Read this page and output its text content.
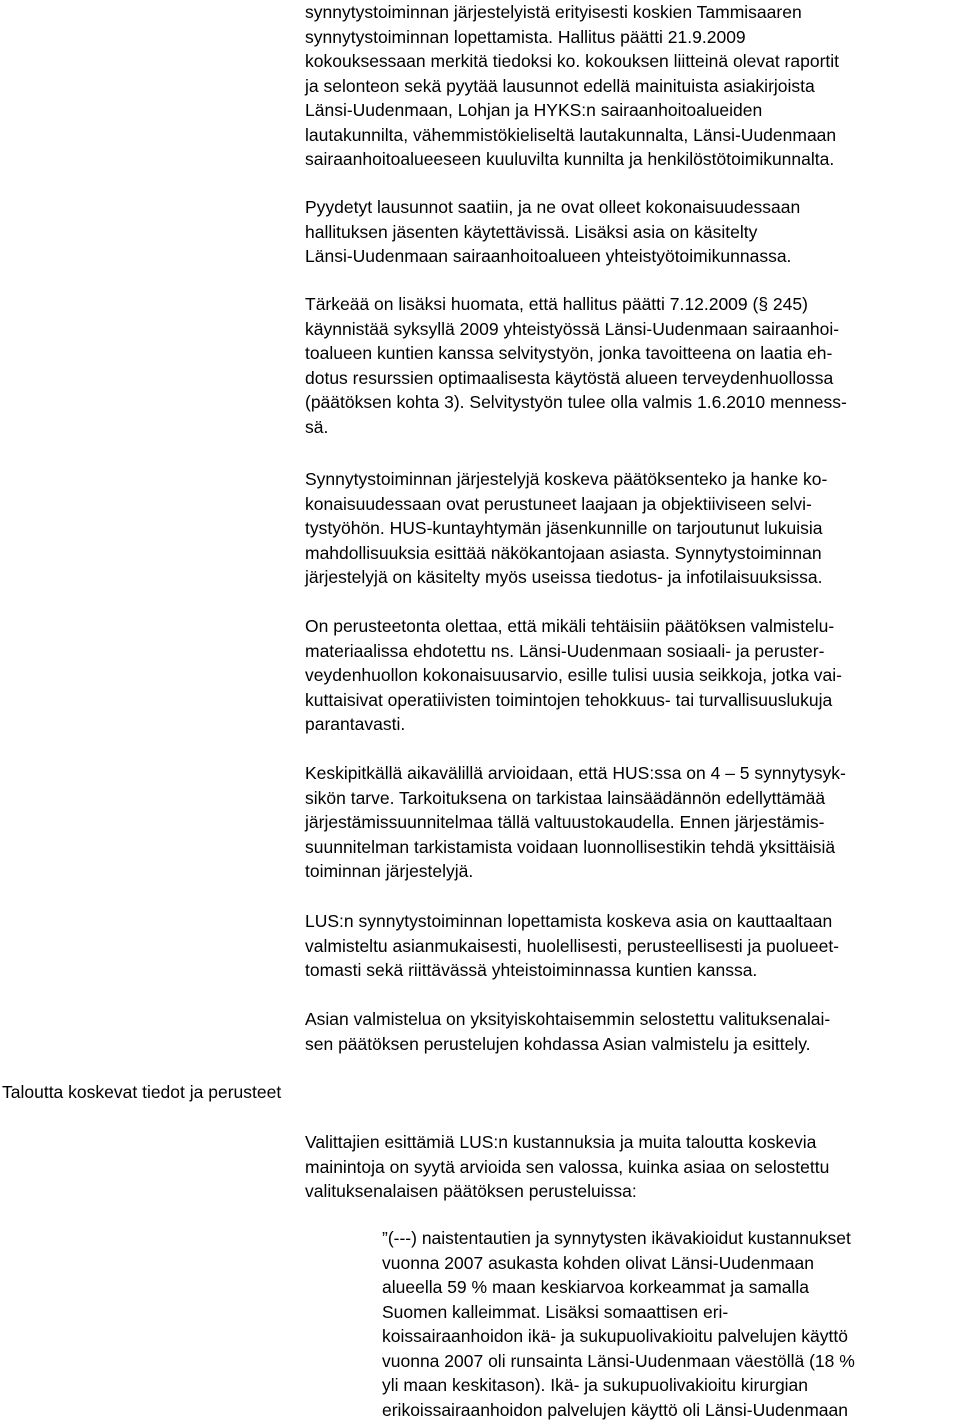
Taloutta koskevat tiedot ja perusteet
synnytystoiminnan järjestelyistä erityisesti koskien Tammisaaren
synnytystoiminnan lopettamista. Hallitus päätti 21.9.2009
kokouksessaan merkitä tiedoksi ko. kokouksen liitteinä olevat raportit
ja selonteon sekä pyytää lausunnot edellä mainituista asiakirjoista
Länsi-Uudenmaan, Lohjan ja HYKS:n sairaanhoitoalueiden
lautakunnilta, vähemmistökieliseltä lautakunnalta, Länsi-Uudenmaan
sairaanhoitoalueeseen kuuluvilta kunnilta ja henkilöstötoimikunnalta.
Pyydetyt lausunnot saatiin, ja ne ovat olleet kokonaisuudessaan
hallituksen jäsenten käytettävissä. Lisäksi asia on käsitelty
Länsi-Uudenmaan sairaanhoitoalueen yhteistyötoimikunnassa.
Tärkeää on lisäksi huomata, että hallitus päätti 7.12.2009 (§ 245)
käynnistää syksyllä 2009 yhteistyössä Länsi-Uudenmaan sairaanhoi-
toalueen kuntien kanssa selvitystyön, jonka tavoitteena on laatia eh-
dotus resurssien optimaalisesta käytöstä alueen terveydenhuollossa
(päätöksen kohta 3). Selvitystyön tulee olla valmis 1.6.2010 menness-
sä.
Synnytystoiminnan järjestelyjä koskeva päätöksenteko ja hanke ko-
konaisuudessaan ovat perustuneet laajaan ja objektiiviseen selvi-
tystyöhön. HUS-kuntayhtymän jäsenkunnille on tarjoutunut lukuisia
mahdollisuuksia esittää näkökantojaan asiasta. Synnytystoiminnan
järjestelyjä on käsitelty myös useissa tiedotus- ja infotilaisuuksissa.
On perusteetonta olettaa, että mikäli tehtäisiin päätöksen valmistelu-
materiaalissa ehdotettu ns. Länsi-Uudenmaan sosiaali- ja peruster-
veydenhuollon kokonaisuusarvio, esille tulisi uusia seikkoja, jotka vai-
kuttaisivat operatiivisten toimintojen tehokkuus- tai turvallisuuslukuja
parantavasti.
Keskipitkällä aikavälillä arvioidaan, että HUS:ssa on 4 – 5 synnytysyk-
sikön tarve. Tarkoituksena on tarkistaa lainsäädännön edellyttämää
järjestämissuunnitelmaa tällä valtuustokaudella. Ennen järjestämis-
suunnitelman tarkistamista voidaan luonnollisestikin tehdä yksittäisiä
toiminnan järjestelyjä.
LUS:n synnytystoiminnan lopettamista koskeva asia on kauttaaltaan
valmisteltu asianmukaisesti, huolellisesti, perusteellisesti ja puolueet-
tomasti sekä riittävässä yhteistoiminnassa kuntien kanssa.
Asian valmistelua on yksityiskohtaisemmin selostettu valituksenalai-
sen päätöksen perustelujen kohdassa Asian valmistelu ja esittely.
Valittajien esittämiä LUS:n kustannuksia ja muita taloutta koskevia
mainintoja on syytä arvioida sen valossa, kuinka asiaa on selostettu
valituksenalaisen päätöksen perusteluissa:
”(---) naistentautien ja synnytysten ikävakioidut kustannukset
vuonna 2007 asukasta kohden olivat Länsi-Uudenmaan
alueella 59 % maan keskiarvoa korkeammat ja samalla
Suomen kalleimmat. Lisäksi somaattisen eri-
koissairaanhoidon ikä- ja sukupuolivakioitu palvelujen käyttö
vuonna 2007 oli runsainta Länsi-Uudenmaan väestöllä (18 %
yli maan keskitason). Ikä- ja sukupuolivakioitu kirurgian
erikoissairaanhoidon palvelujen käyttö oli Länsi-Uudenmaan
